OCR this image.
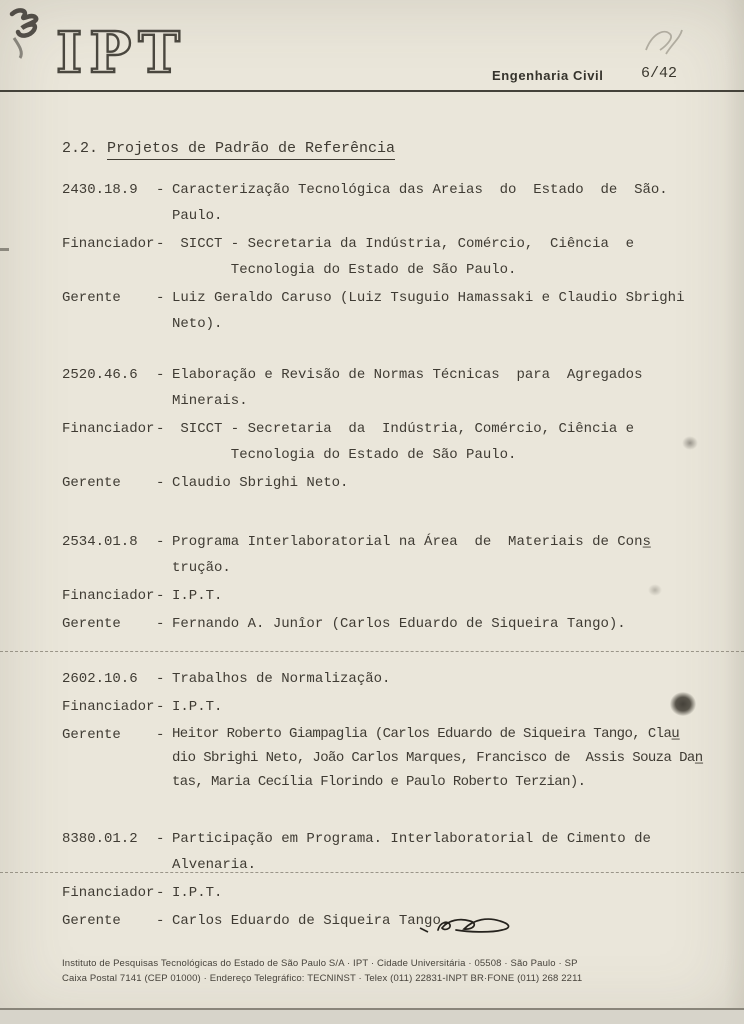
IPT	Engenharia Civil	6/42
2.2. Projetos de Padrão de Referência
2430.18.9	- Caracterização Tecnológica das Areias  do  Estado  de  São.
Paulo.
Financiador - SICCT - Secretaria da Indústria, Comércio,  Ciência  e
Tecnologia do Estado de São Paulo.
Gerente	- Luiz Geraldo Caruso (Luiz Tsuguio Hamassaki e Claudio Sbrighi
Neto).
2520.46.6	- Elaboração e Revisão de Normas Técnicas  para  Agregados
Minerais.
Financiador - SICCT - Secretaria  da  Indústria, Comércio, Ciência e
Tecnologia do Estado de São Paulo.
Gerente	- Claudio Sbrighi Neto.
2534.01.8	- Programa Interlaboratorial na Área  de  Materiais de Cons̲
trução.
Financiador - I.P.T.
Gerente	- Fernando A. Junîor (Carlos Eduardo de Siqueira Tango).
2602.10.6	- Trabalhos de Normalização.
Financiador - I.P.T.
Gerente	- Heitor Roberto Giampaglia (Carlos Eduardo de Siqueira Tango, Clau̲
dio Sbrighi Neto, João Carlos Marques, Francisco de  Assis Souza Dan̲
tas, Maria Cecília Florindo e Paulo Roberto Terzian).
8380.01.2	- Participação em Programa. Interlaboratorial de Cimento de
Alvenaria.
Financiador - I.P.T.
Gerente	- Carlos Eduardo de Siqueira Tango.
Instituto de Pesquisas Tecnológicas do Estado de São Paulo S/A · IPT · Cidade Universitária · 05508 · São Paulo · SP
Caixa Postal 7141 (CEP 01000) · Endereço Telegráfico: TECNINST · Telex (011) 22831-INPT BR·FONE (011) 268 2211
